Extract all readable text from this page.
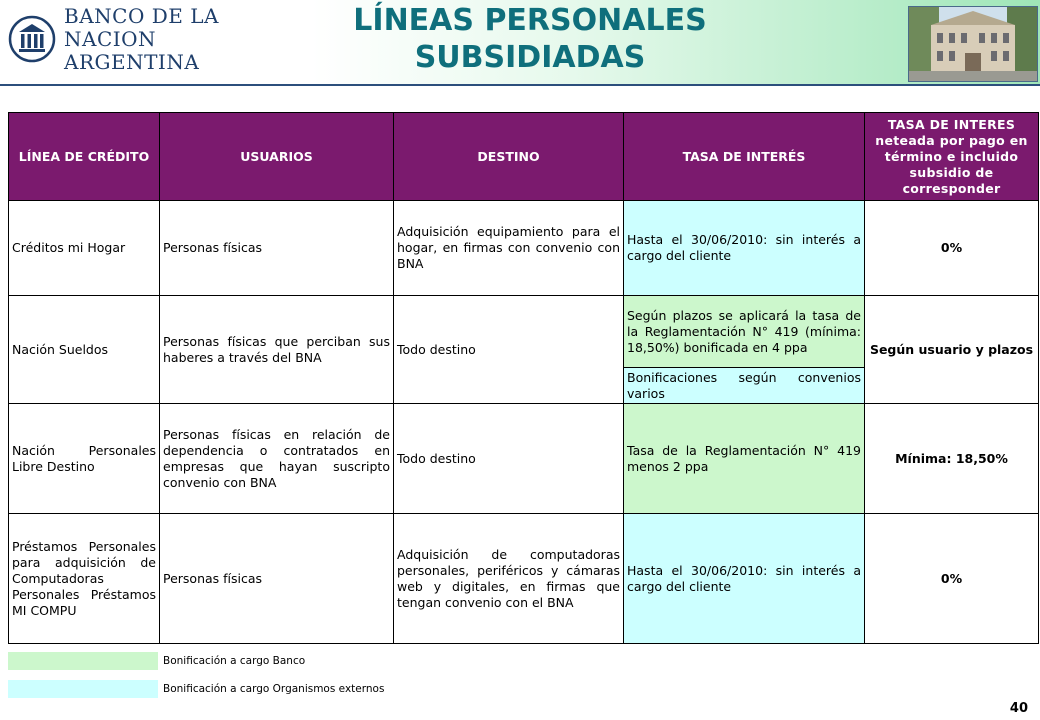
BANCO DE LA
NACION ARGENTINA
LÍNEAS PERSONALES
SUBSIDIADAS
LÍNEA DE CRÉDITO	USUARIOS	DESTINO	TASA DE INTERÉS	TASA DE INTERES neteada por pago en término e incluido subsidio de corresponder
Créditos mi Hogar	Personas físicas	Adquisición equipamiento para el hogar, en firmas con convenio con BNA	Hasta el 30/06/2010: sin interés a cargo del cliente	0%
Nación Sueldos	Personas físicas que perciban sus haberes a través del BNA	Todo destino	Según plazos se aplicará la tasa de la Reglamentación N° 419 (mínima: 18,50%) bonificada en 4 ppa	Según usuario y plazos
			Bonificaciones según convenios varios	
Nación Personales Libre Destino	Personas físicas en relación de dependencia o contratados en empresas que hayan suscripto convenio con BNA	Todo destino	Tasa de la Reglamentación N° 419 menos 2 ppa	Mínima: 18,50%
Préstamos Personales para adquisición de Computadoras Personales Préstamos MI COMPU	Personas físicas	Adquisición de computadoras personales, periféricos y cámaras web y digitales, en firmas que tengan convenio con el BNA	Hasta el 30/06/2010: sin interés a cargo del cliente	0%
Bonificación a cargo Banco
Bonificación a cargo Organismos externos
40
